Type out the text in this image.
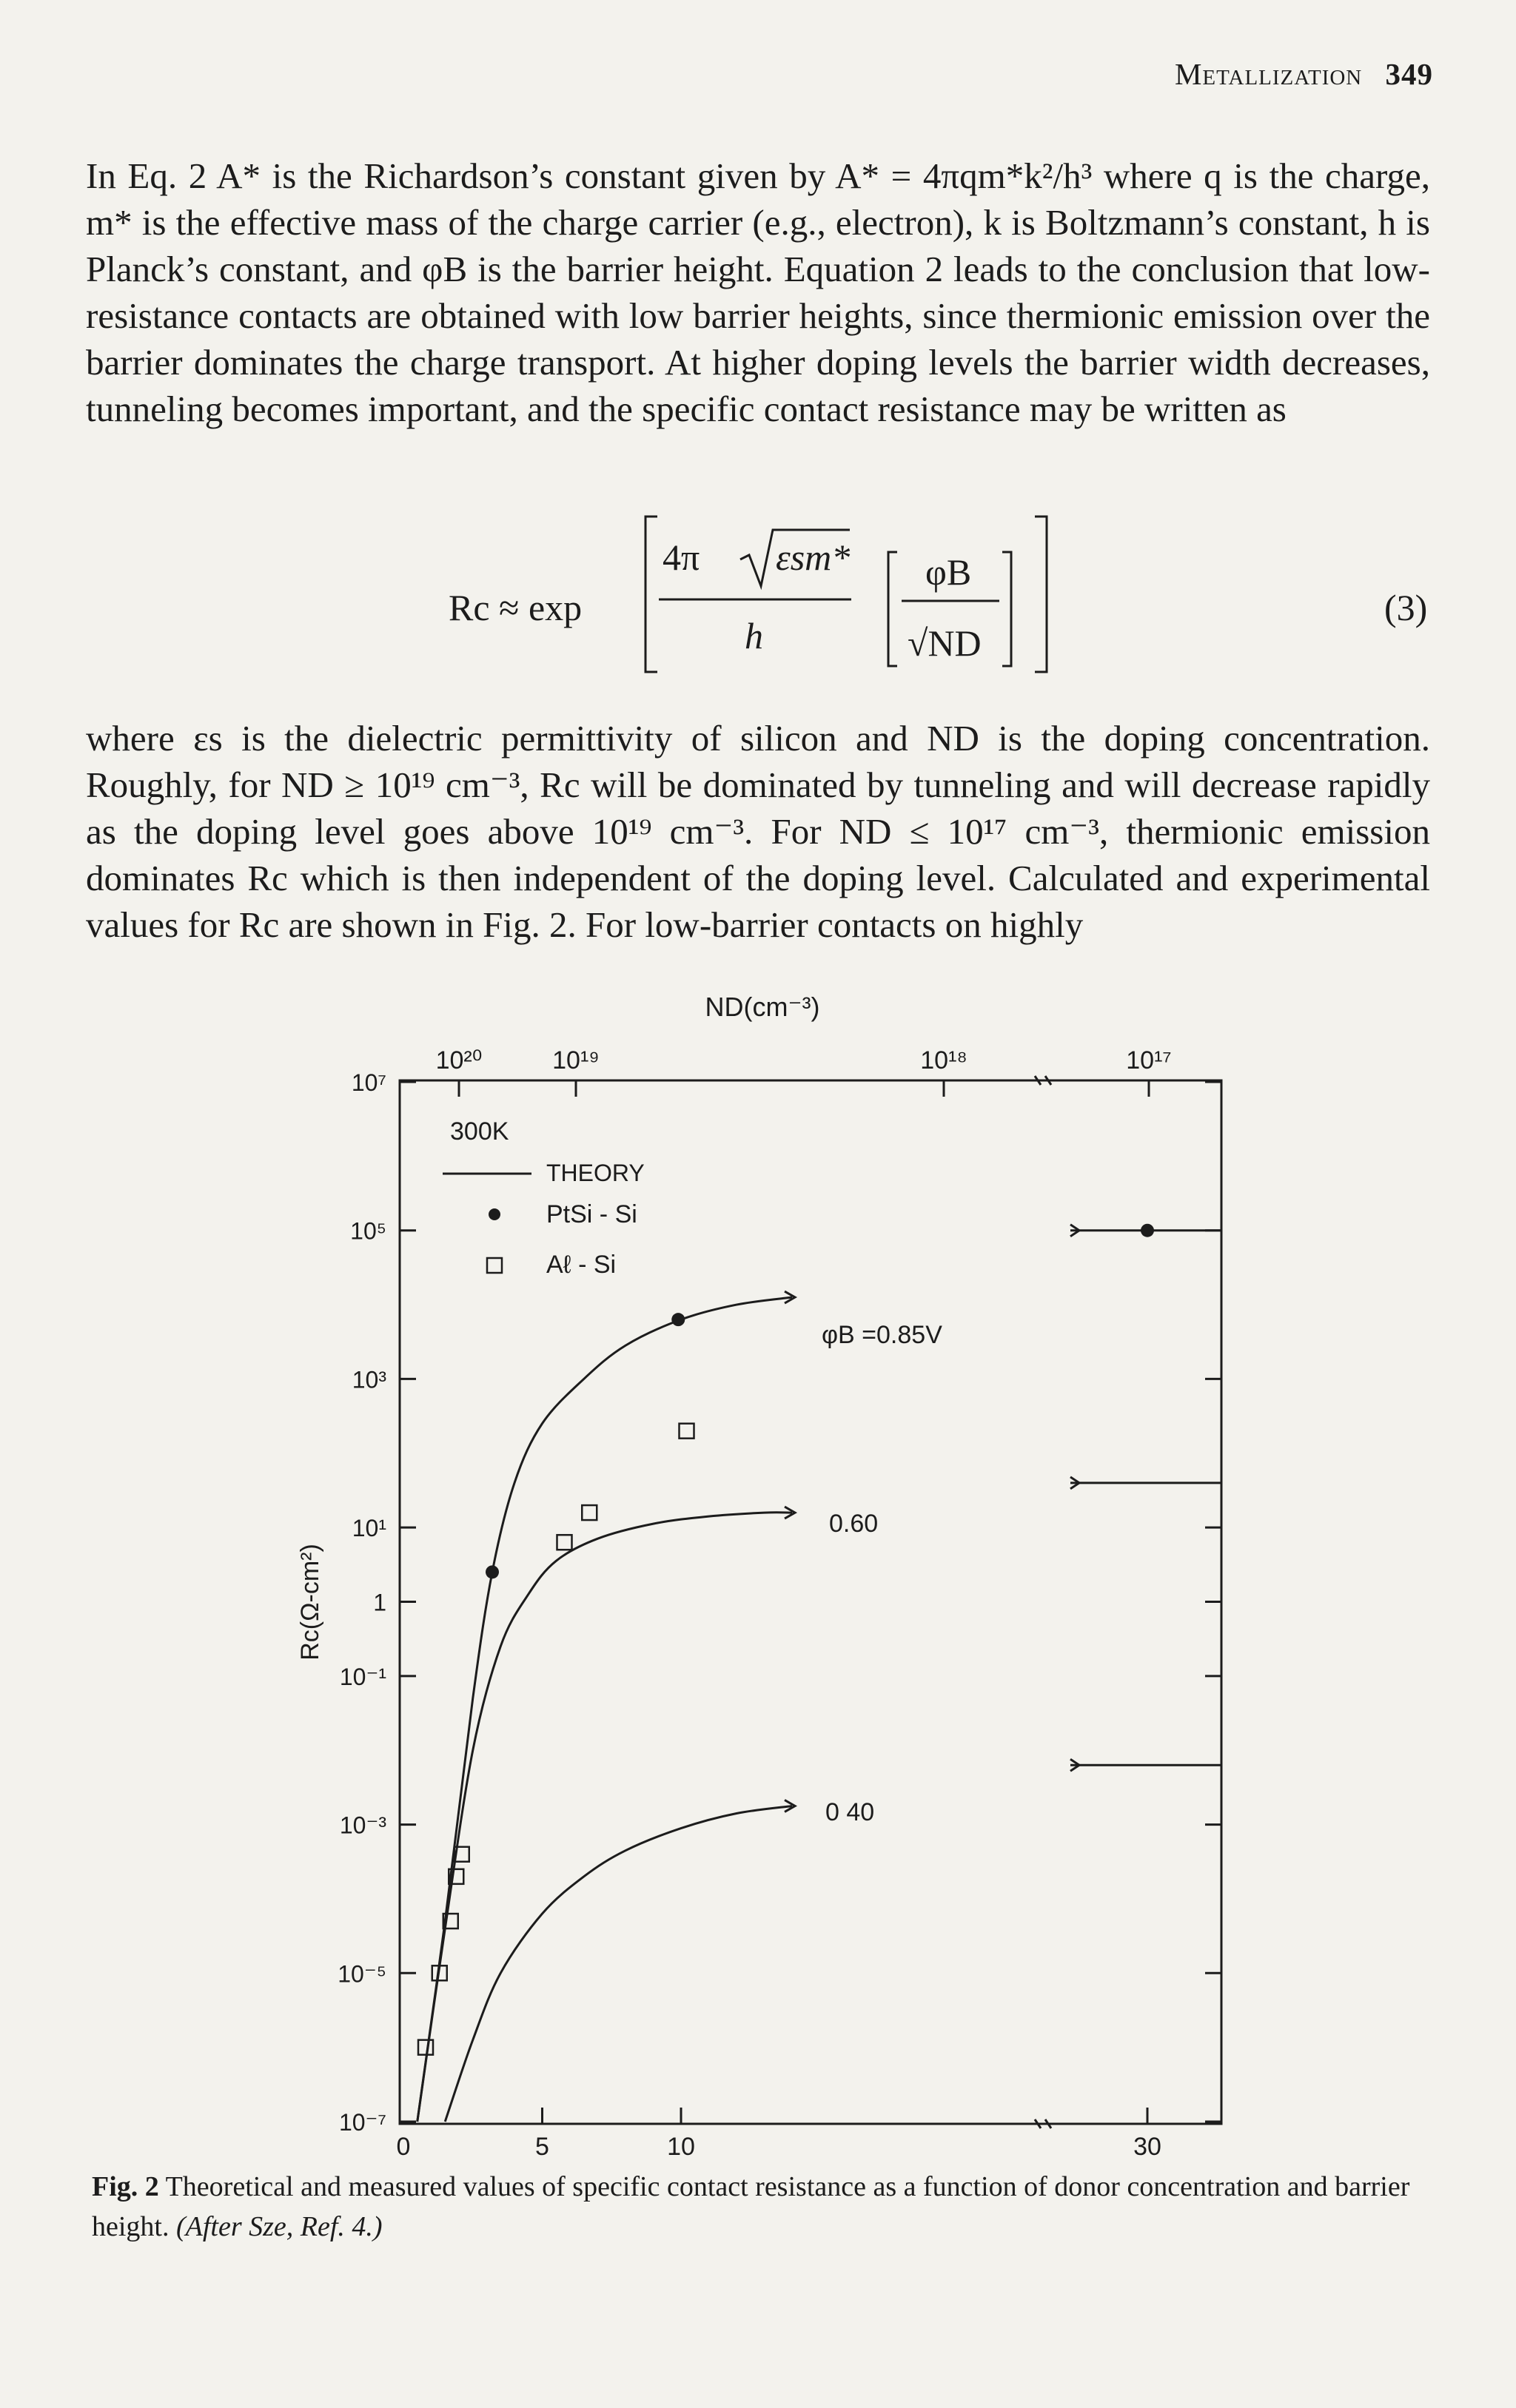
Metallization 349

In Eq. 2 A* is the Richardson’s constant given by A* = 4πqm*k²/h³ where q is the charge, m* is the effective mass of the charge carrier (e.g., electron), k is Boltzmann’s constant, h is Planck’s constant, and φB is the barrier height. Equation 2 leads to the conclusion that low-resistance contacts are obtained with low barrier heights, since thermionic emission over the barrier dominates the charge transport. At higher doping levels the barrier width decreases, tunneling becomes important, and the specific contact resistance may be written as

Rc ≈ exp
4π εsm*
h
φB
√ND
(3)

where εs is the dielectric permittivity of silicon and ND is the doping concentration. Roughly, for ND ≥ 10¹⁹ cm⁻³, Rc will be dominated by tunneling and will decrease rapidly as the doping level goes above 10¹⁹ cm⁻³. For ND ≤ 10¹⁷ cm⁻³, thermionic emission dominates Rc which is then independent of the doping level. Calculated and experimental values for Rc are shown in Fig. 2. For low-barrier contacts on highly

10⁷
10⁵
10³
10¹
1
10⁻¹
10⁻³
10⁻⁵
10⁻⁷
Rc(Ω-cm²)
0	5	10	30
10²⁰	10¹⁹	10¹⁸	10¹⁷
ND(cm⁻³)
φB =0.85V
0.60
0 40
300K
THEORY
PtSi - Si
Aℓ - Si

Fig. 2 Theoretical and measured values of specific contact resistance as a function of donor concentration and barrier height. (After Sze, Ref. 4.)
